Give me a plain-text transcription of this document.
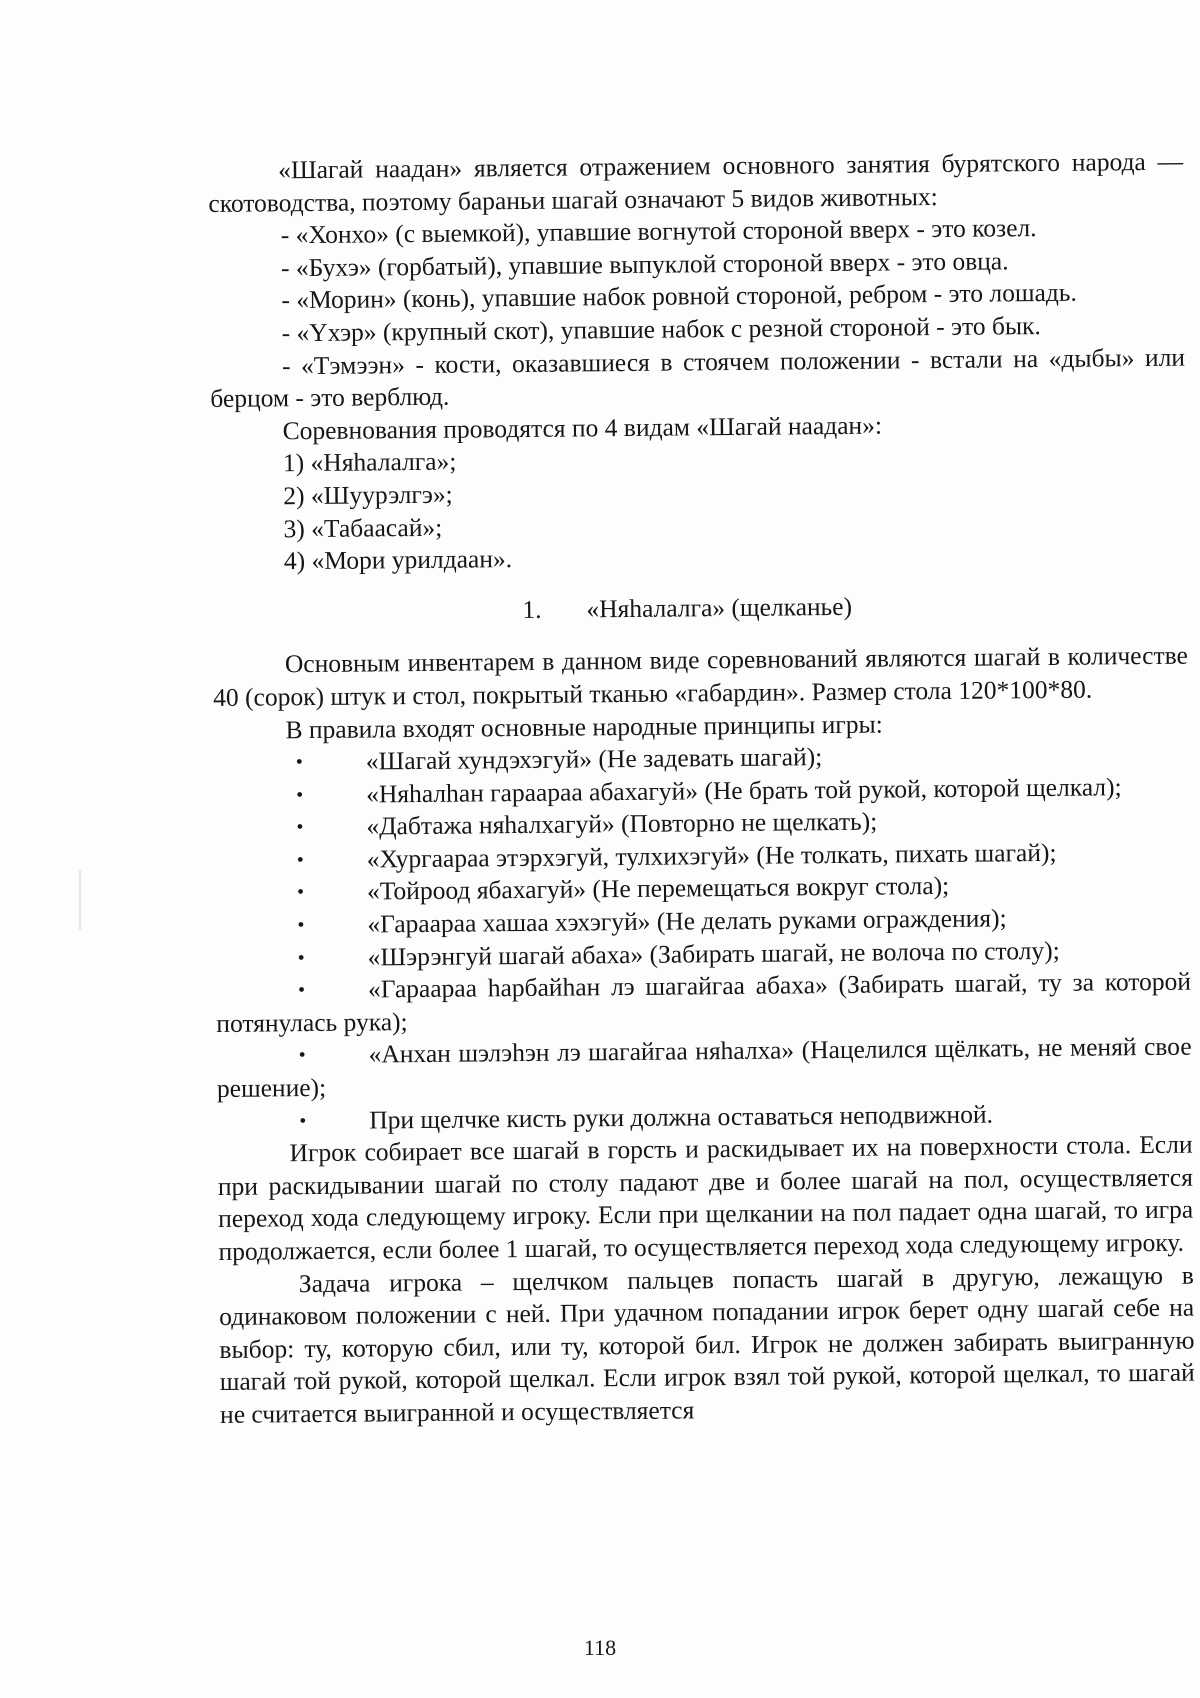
«Шагай наадан» является отражением основного занятия бурятского народа — скотоводства, поэтому бараньи шагай означают 5 видов животных:

- «Хонхо» (с выемкой), упавшие вогнутой стороной вверх - это козел.

- «Бухэ» (горбатый), упавшие выпуклой стороной вверх - это овца.

- «Морин» (конь), упавшие набок ровной стороной, ребром - это лошадь.

- «Үхэр» (крупный скот), упавшие набок с резной стороной - это бык.

- «Тэмээн» - кости, оказавшиеся в стоячем положении - встали на «дыбы» или берцом - это верблюд.

Соревнования проводятся по 4 видам «Шагай наадан»:

1) «Няhалалга»;

2) «Шуурэлгэ»;

3) «Табаасай»;

4) «Мори урилдаан».

1. «Няhалалга» (щелканье)

Основным инвентарем в данном виде соревнований являются шагай в количестве 40 (сорок) штук и стол, покрытый тканью «габардин». Размер стола 120*100*80.

В правила входят основные народные принципы игры:

•	«Шагай хундэхэгуй» (Не задевать шагай);
•	«Няhалhан гараараа абахагуй» (Не брать той рукой, которой щелкал);
•	«Дабтажа няhалхагуй» (Повторно не щелкать);
•	«Хургаараа этэрхэгуй, тулхихэгуй» (Не толкать, пихать шагай);
•	«Тойроод ябахагуй» (Не перемещаться вокруг стола);
•	«Гараараа хашаа хэхэгуй» (Не делать руками ограждения);
•	«Шэрэнгуй шагай абаха» (Забирать шагай, не волоча по столу);
•	«Гараараа hарбайhан лэ шагайгаа абаха» (Забирать шагай, ту за которой потянулась рука);
•	«Анхан шэлэhэн лэ шагайгаа няhалха» (Нацелился щёлкать, не меняй свое решение);
•	При щелчке кисть руки должна оставаться неподвижной.

Игрок собирает все шагай в горсть и раскидывает их на поверхности стола. Если при раскидывании шагай по столу падают две и более шагай на пол, осуществляется переход хода следующему игроку. Если при щелкании на пол падает одна шагай, то игра продолжается, если более 1 шагай, то осуществляется переход хода следующему игроку.

Задача игрока – щелчком пальцев попасть шагай в другую, лежащую в одинаковом положении с ней. При удачном попадании игрок берет одну шагай себе на выбор: ту, которую сбил, или ту, которой бил. Игрок не должен забирать выигранную шагай той рукой, которой щелкал. Если игрок взял той рукой, которой щелкал, то шагай не считается выигранной и осуществляется

118
